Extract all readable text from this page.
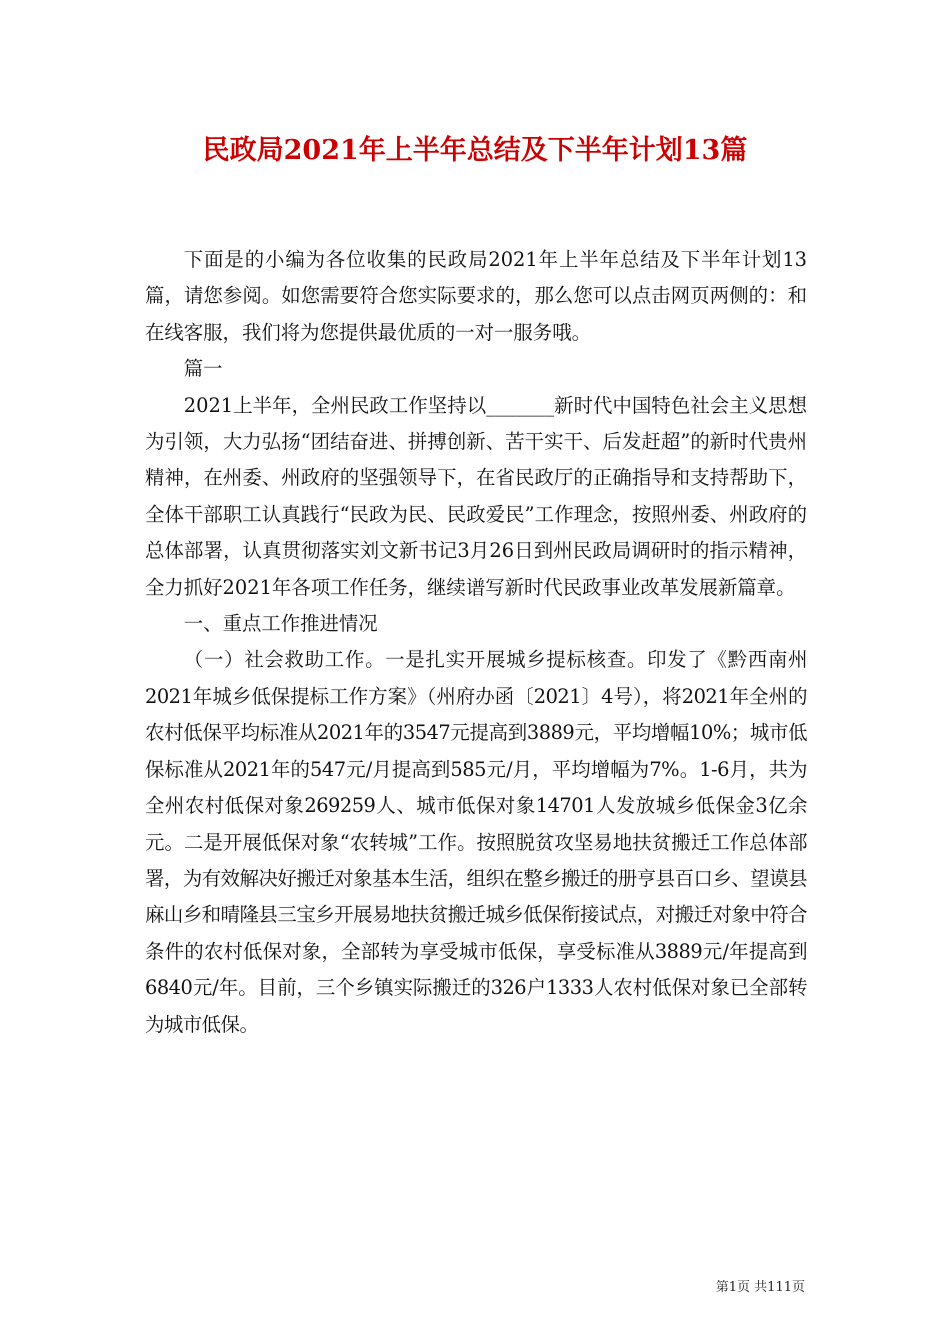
民政局2021年上半年总结及下半年计划13篇

下面是的小编为各位收集的民政局2021年上半年总结及下半年计划13篇，请您参阅。如您需要符合您实际要求的，那么您可以点击网页两侧的：和在线客服，我们将为您提供最优质的一对一服务哦。

篇一

2021上半年，全州民政工作坚持以_______新时代中国特色社会主义思想为引领，大力弘扬“团结奋进、拼搏创新、苦干实干、后发赶超”的新时代贵州精神，在州委、州政府的坚强领导下，在省民政厅的正确指导和支持帮助下，全体干部职工认真践行“民政为民、民政爱民”工作理念，按照州委、州政府的总体部署，认真贯彻落实刘文新书记3月26日到州民政局调研时的指示精神，全力抓好2021年各项工作任务，继续谱写新时代民政事业改革发展新篇章。

一、重点工作推进情况

（一）社会救助工作。一是扎实开展城乡提标核查。印发了《黔西南州2021年城乡低保提标工作方案》（州府办函〔2021〕4号），将2021年全州的农村低保平均标准从2021年的3547元提高到3889元，平均增幅10%；城市低保标准从2021年的547元/月提高到585元/月，平均增幅为7%。1-6月，共为全州农村低保对象269259人、城市低保对象14701人发放城乡低保金3亿余元。二是开展低保对象“农转城”工作。按照脱贫攻坚易地扶贫搬迁工作总体部署，为有效解决好搬迁对象基本生活，组织在整乡搬迁的册亨县百口乡、望谟县麻山乡和晴隆县三宝乡开展易地扶贫搬迁城乡低保衔接试点，对搬迁对象中符合条件的农村低保对象，全部转为享受城市低保，享受标准从3889元/年提高到6840元/年。目前，三个乡镇实际搬迁的326户1333人农村低保对象已全部转为城市低保。

第1页 共111页
